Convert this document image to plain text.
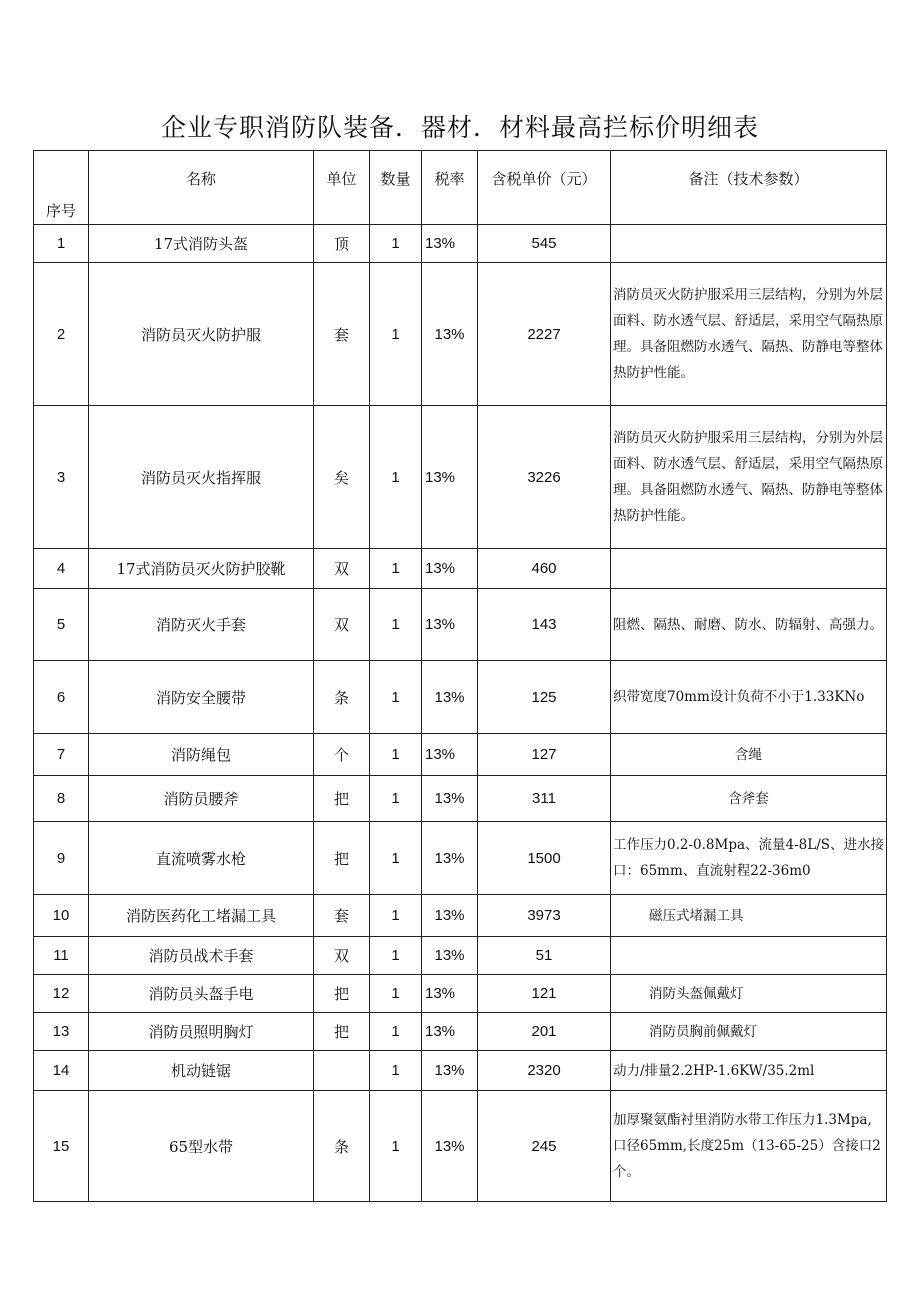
企业专职消防队装备．器材．材料最高拦标价明细表
序号	名称	单位	数量	税率	含税单价（元）	备注（技术参数）

1	17式消防头盔	顶	1	13%	545	
2	消防员灭火防护服	套	1	13%	2227	消防员灭火防护服采用三层结构，分别为外层面料、防水透气层、舒适层，采用空气隔热原理。具备阻燃防水透气、隔热、防静电等整体热防护性能。
3	消防员灭火指挥服	矣	1	13%	3226	消防员灭火防护服采用三层结构，分别为外层面料、防水透气层、舒适层，采用空气隔热原理。具备阻燃防水透气、隔热、防静电等整体热防护性能。
4	17式消防员灭火防护胶靴	双	1	13%	460	
5	消防灭火手套	双	1	13%	143	阻燃、隔热、耐磨、防水、防辐射、高强力。
6	消防安全腰带	条	1	13%	125	织带宽度70mm设计负荷不小于1.33KNo
7	消防绳包	个	1	13%	127	含绳
8	消防员腰斧	把	1	13%	311	含斧套
9	直流喷雾水枪	把	1	13%	1500	工作压力0.2-0.8Mpa、流量4-8L/S、进水接口：65mm、直流射程22-36m0
10	消防医药化工堵漏工具	套	1	13%	3973	磁压式堵漏工具
11	消防员战术手套	双	1	13%	51	
12	消防员头盔手电	把	1	13%	121	消防头盔佩戴灯
13	消防员照明胸灯	把	1	13%	201	消防员胸前佩戴灯
14	机动链锯		1	13%	2320	动力/排量2.2HP-1.6KW/35.2ml
15	65型水带	条	1	13%	245	加厚聚氨酯衬里消防水带工作压力1.3Mpa,口径65mm,长度25m（13-65-25）含接口2个。
